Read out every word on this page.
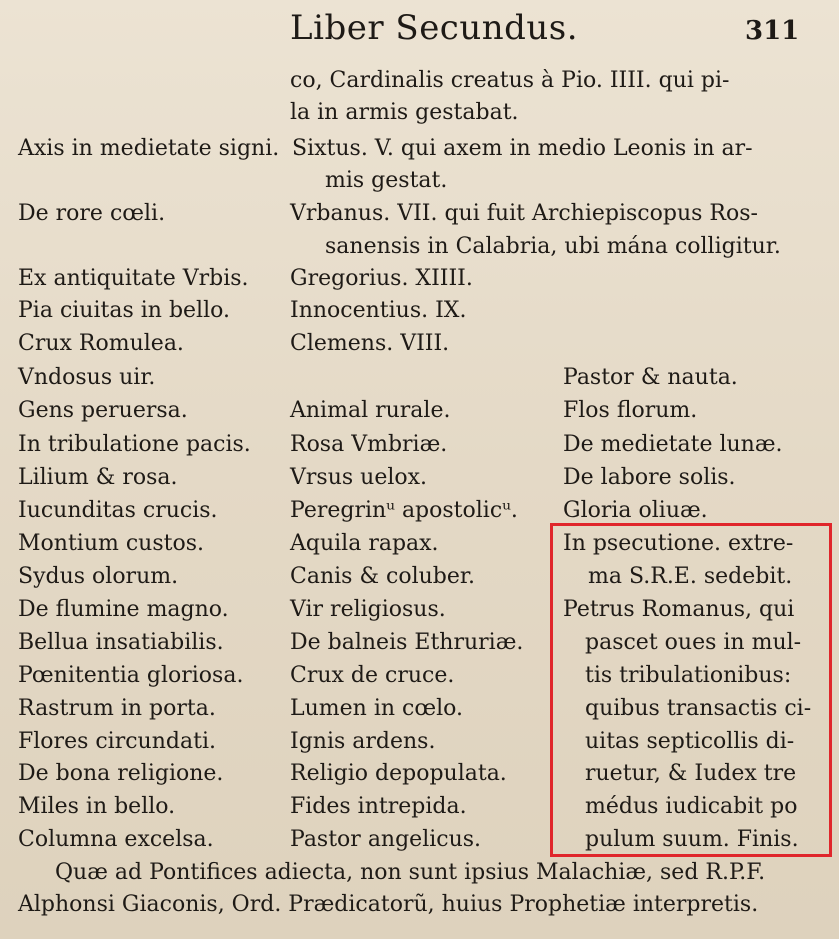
Liber Secundus.	311
co, Cardinalis creatus à Pio. IIII. qui pi-
la in armis gestabat.
Axis in medietate signi. Sixtus. V. qui axem in medio Leonis in ar-
mis gestat.
De rore cœli.	Vrbanus. VII. qui fuit Archiepiscopus Ros-
sanensis in Calabria, ubi mána colligitur.
Ex antiquitate Vrbis.
Pia ciuitas in bello.
Crux Romulea.
Vndosus uir.
Gens peruersa.
In tribulatione pacis.
Lilium & rosa.
Iucunditas crucis.
Montium custos.
Sydus olorum.
De flumine magno.
Bellua insatiabilis.
Pœnitentia gloriosa.
Rastrum in porta.
Flores circundati.
De bona religione.
Miles in bello.
Columna excelsa.
Gregorius. XIIII.
Innocentius. IX.
Clemens. VIII.
Animal rurale.
Rosa Vmbriæ.
Vrsus uelox.
Peregrinᵘ apostolicᵘ.
Aquila rapax.
Canis & coluber.
Vir religiosus.
De balneis Ethruriæ.
Crux de cruce.
Lumen in cœlo.
Ignis ardens.
Religio depopulata.
Fides intrepida.
Pastor angelicus.
Pastor & nauta.
Flos florum.
De medietate lunæ.
De labore solis.
Gloria oliuæ.
In psecutione. extre-
ma S.R.E. sedebit.
Petrus Romanus, qui
pascet oues in mul-
tis tribulationibus:
quibus transactis ci-
uitas septicollis di-
ruetur, & Iudex tre
médus iudicabit po
pulum suum. Finis.
Quæ ad Pontifices adiecta, non sunt ipsius Malachiæ, sed R.P.F.
Alphonsi Giaconis, Ord. Prædicatorũ, huius Prophetiæ interpretis.
